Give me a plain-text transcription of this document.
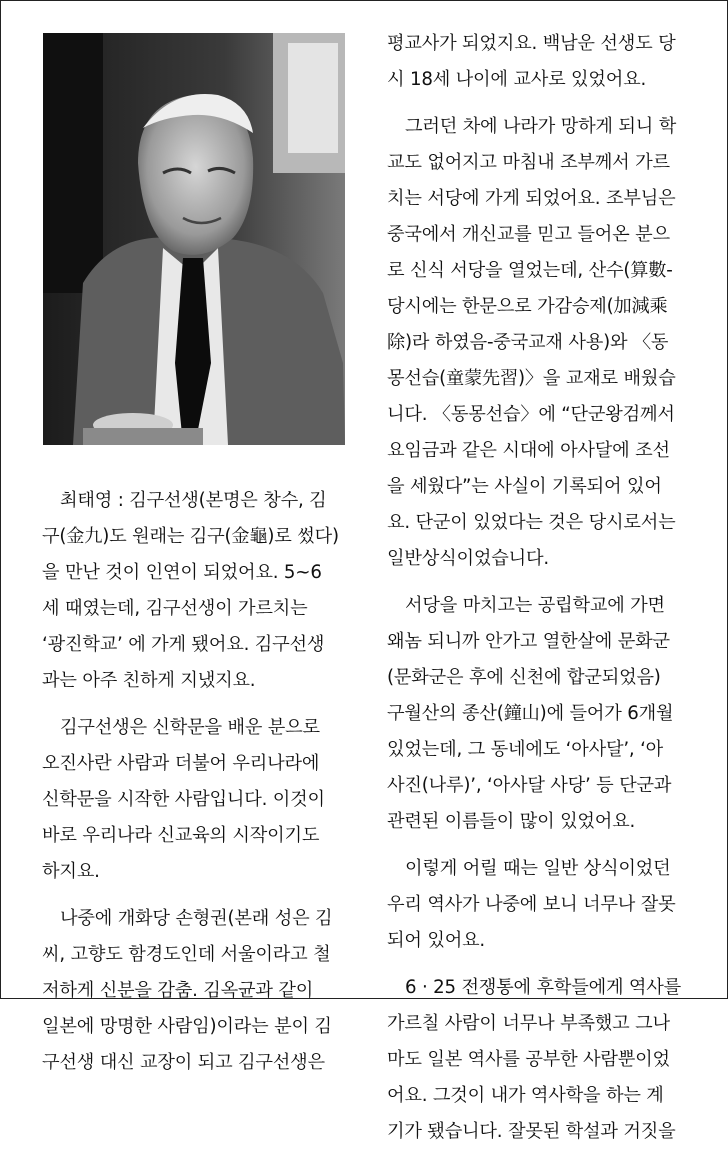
최태영 : 김구선생(본명은 창수, 김
구(金九)도 원래는 김구(金龜)로 썼다)
을 만난 것이 인연이 되었어요. 5~6
세 때였는데, 김구선생이 가르치는
‘광진학교’ 에 가게 됐어요. 김구선생
과는 아주 친하게 지냈지요.
김구선생은 신학문을 배운 분으로
오진사란 사람과 더불어 우리나라에
신학문을 시작한 사람입니다. 이것이
바로 우리나라 신교육의 시작이기도
하지요.
나중에 개화당 손형권(본래 성은 김
씨, 고향도 함경도인데 서울이라고 철
저하게 신분을 감춤. 김옥균과 같이
일본에 망명한 사람임)이라는 분이 김
구선생 대신 교장이 되고 김구선생은
평교사가 되었지요. 백남운 선생도 당
시 18세 나이에 교사로 있었어요.
그러던 차에 나라가 망하게 되니 학
교도 없어지고 마침내 조부께서 가르
치는 서당에 가게 되었어요. 조부님은
중국에서 개신교를 믿고 들어온 분으
로 신식 서당을 열었는데, 산수(算數-
당시에는 한문으로 가감승제(加減乘
除)라 하였음-중국교재 사용)와 〈동
몽선습(童蒙先習)〉을 교재로 배웠습
니다. 〈동몽선습〉에 “단군왕검께서
요임금과 같은 시대에 아사달에 조선
을 세웠다”는 사실이 기록되어 있어
요. 단군이 있었다는 것은 당시로서는
일반상식이었습니다.
서당을 마치고는 공립학교에 가면
왜놈 되니까 안가고 열한살에 문화군
(문화군은 후에 신천에 합군되었음)
구월산의 종산(鐘山)에 들어가 6개월
있었는데, 그 동네에도 ‘아사달’, ‘아
사진(나루)’, ‘아사달 사당’ 등 단군과
관련된 이름들이 많이 있었어요.
이렇게 어릴 때는 일반 상식이었던
우리 역사가 나중에 보니 너무나 잘못
되어 있어요.
6 · 25 전쟁통에 후학들에게 역사를
가르칠 사람이 너무나 부족했고 그나
마도 일본 역사를 공부한 사람뿐이었
어요. 그것이 내가 역사학을 하는 계
기가 됐습니다. 잘못된 학설과 거짓을
